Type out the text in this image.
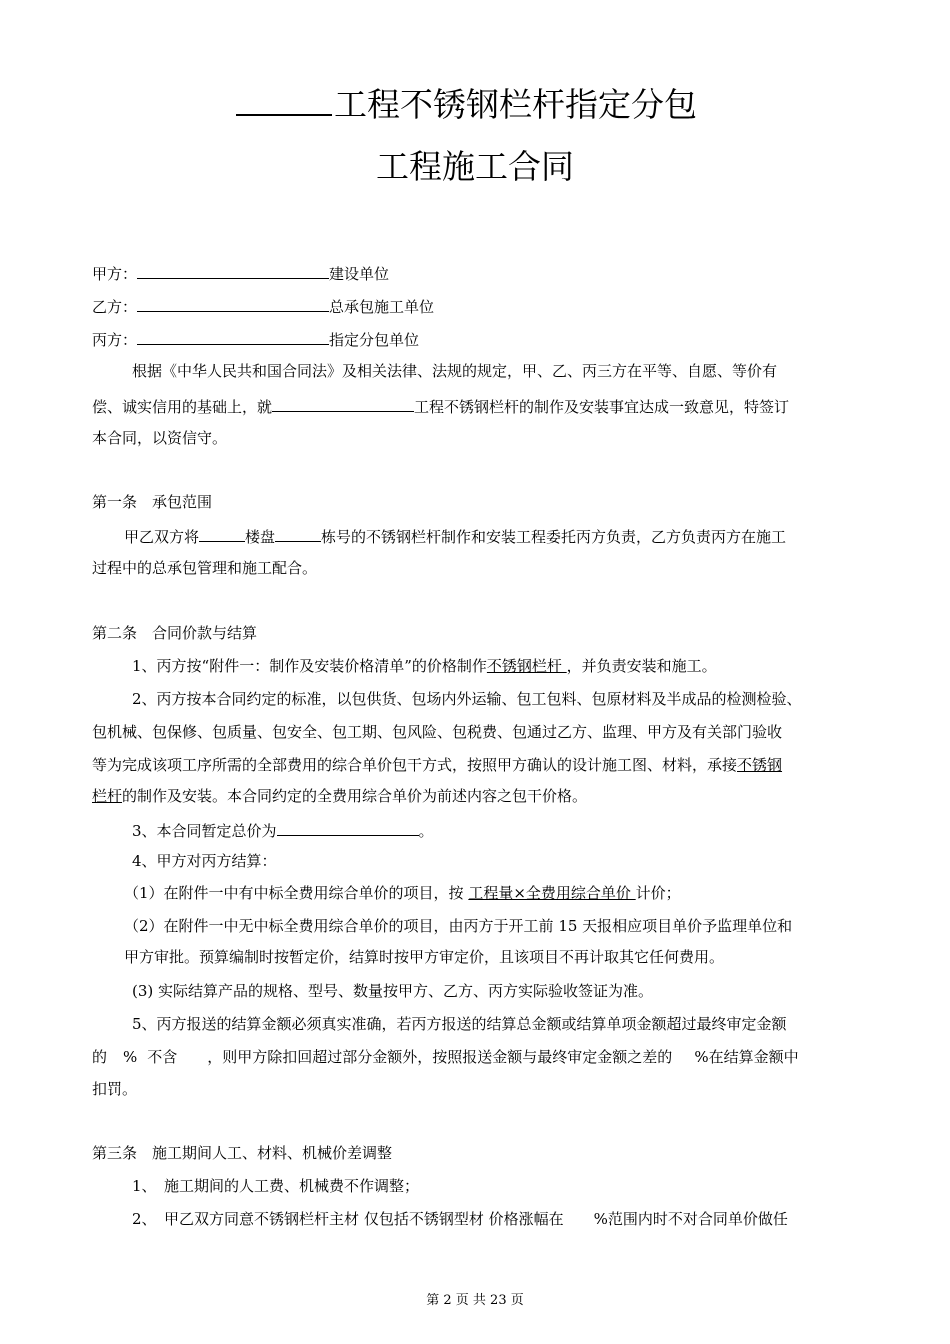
工程不锈钢栏杆指定分包
工程施工合同
甲方：	建设单位
乙方：	总承包施工单位
丙方：	指定分包单位
根据《中华人民共和国合同法》及相关法律、法规的规定，甲、乙、丙三方在平等、自愿、等价有
偿、诚实信用的基础上，就	工程不锈钢栏杆的制作及安装事宜达成一致意见，特签订
本合同，以资信守。
第一条　承包范围
甲乙双方将	楼盘	栋号的不锈钢栏杆制作和安装工程委托丙方负责，乙方负责丙方在施工
过程中的总承包管理和施工配合。
第二条　合同价款与结算
1、丙方按“附件一：制作及安装价格清单”的价格制作不锈钢栏杆 ，并负责安装和施工。
2、丙方按本合同约定的标准，以包供货、包场内外运输、包工包料、包原材料及半成品的检测检验、
包机械、包保修、包质量、包安全、包工期、包风险、包税费、包通过乙方、监理、甲方及有关部门验收
等为完成该项工序所需的全部费用的综合单价包干方式，按照甲方确认的设计施工图、材料，承接不锈钢
栏杆的制作及安装。本合同约定的全费用综合单价为前述内容之包干价格。
3、本合同暂定总价为	。
4、甲方对丙方结算：
（1）在附件一中有中标全费用综合单价的项目，按 工程量×全费用综合单价 计价；
（2）在附件一中无中标全费用综合单价的项目，由丙方于开工前 15 天报相应项目单价予监理单位和
甲方审批。预算编制时按暂定价，结算时按甲方审定价，且该项目不再计取其它任何费用。
(3) 实际结算产品的规格、型号、数量按甲方、乙方、丙方实际验收签证为准。
5、丙方报送的结算金额必须真实准确，若丙方报送的结算总金额或结算单项金额超过最终审定金额
的 % 不含 ，则甲方除扣回超过部分金额外，按照报送金额与最终审定金额之差的 %在结算金额中
扣罚。
第三条　施工期间人工、材料、机械价差调整
1、　施工期间的人工费、机械费不作调整；
2、　甲乙双方同意不锈钢栏杆主材 仅包括不锈钢型材 价格涨幅在　　%范围内时不对合同单价做任
第 2 页 共 23 页
